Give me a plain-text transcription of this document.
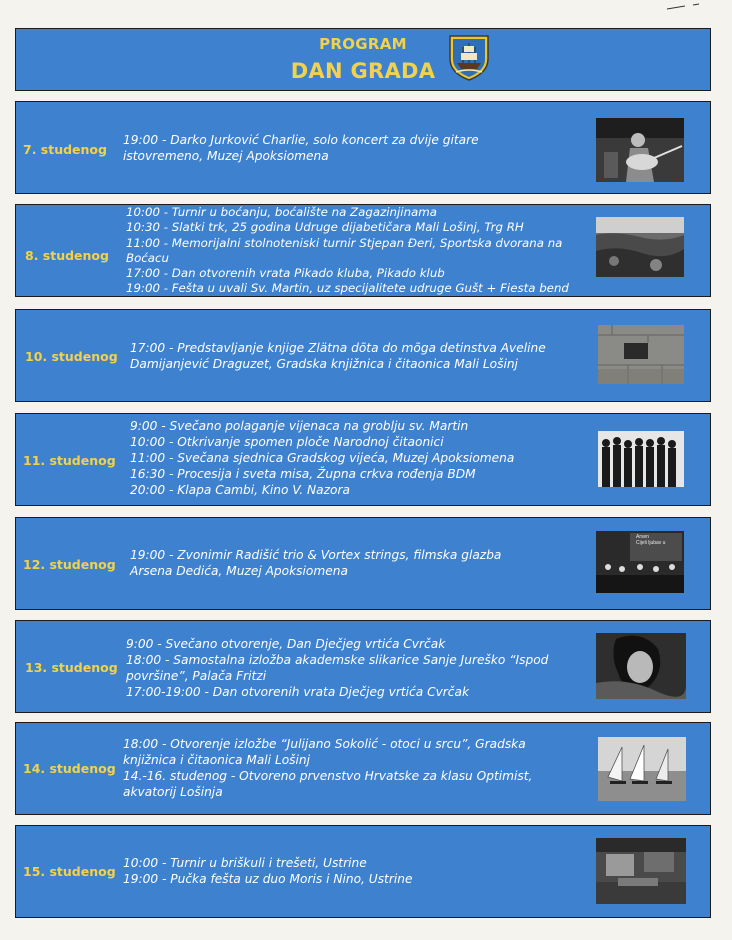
PROGRAM
DAN GRADA
7. studenog
19:00 - Darko Jurković Charlie, solo koncert za dvije gitare istovremeno, Muzej Apoksiomena
8. studenog
10:00 - Turnir u boćanju, boćalište na Zagazinjinama
10:30 - Slatki trk, 25 godina Udruge dijabetičara Mali Lošinj, Trg RH
11:00 - Memorijalni stolnoteniski turnir Stjepan Đeri, Sportska dvorana na Boćacu
17:00 - Dan otvorenih vrata Pikado kluba, Pikado klub
19:00 - Fešta u uvali Sv. Martin, uz specijalitete udruge Gušt + Fiesta bend
10. studenog
17:00 - Predstavljanje knjige Zlätna dõta do mõga detinstva Aveline Damijanjević Draguzet, Gradska knjižnica i čitaonica Mali Lošinj
11. studenog
9:00 - Svečano polaganje vijenaca na groblju sv. Martin
10:00 - Otkrivanje spomen ploče Narodnoj čitaonici
11:00 - Svečana sjednica Gradskog vijeća, Muzej Apoksiomena
16:30 - Procesija i sveta misa, Župna crkva rođenja BDM
20:00 - Klapa Cambi, Kino V. Nazora
12. studenog
19:00 - Zvonimir Radišić trio & Vortex strings, filmska glazba Arsena Dedića, Muzej Apoksiomena
Arsen
Cijeli ljubav u
13. studenog
9:00 - Svečano otvorenje, Dan Dječjeg vrtića Cvrčak
18:00 - Samostalna izložba akademske slikarice Sanje Jureško “Ispod površine”, Palača Fritzi
17:00-19:00 - Dan otvorenih vrata Dječjeg vrtića Cvrčak
14. studenog
18:00 - Otvorenje izložbe “Julijano Sokolić - otoci u srcu”, Gradska knjižnica i čitaonica Mali Lošinj
14.-16. studenog - Otvoreno prvenstvo Hrvatske za klasu Optimist, akvatorij Lošinja
15. studenog
10:00 - Turnir u briškuli i trešeti, Ustrine
19:00 - Pučka fešta uz duo Moris i Nino, Ustrine
